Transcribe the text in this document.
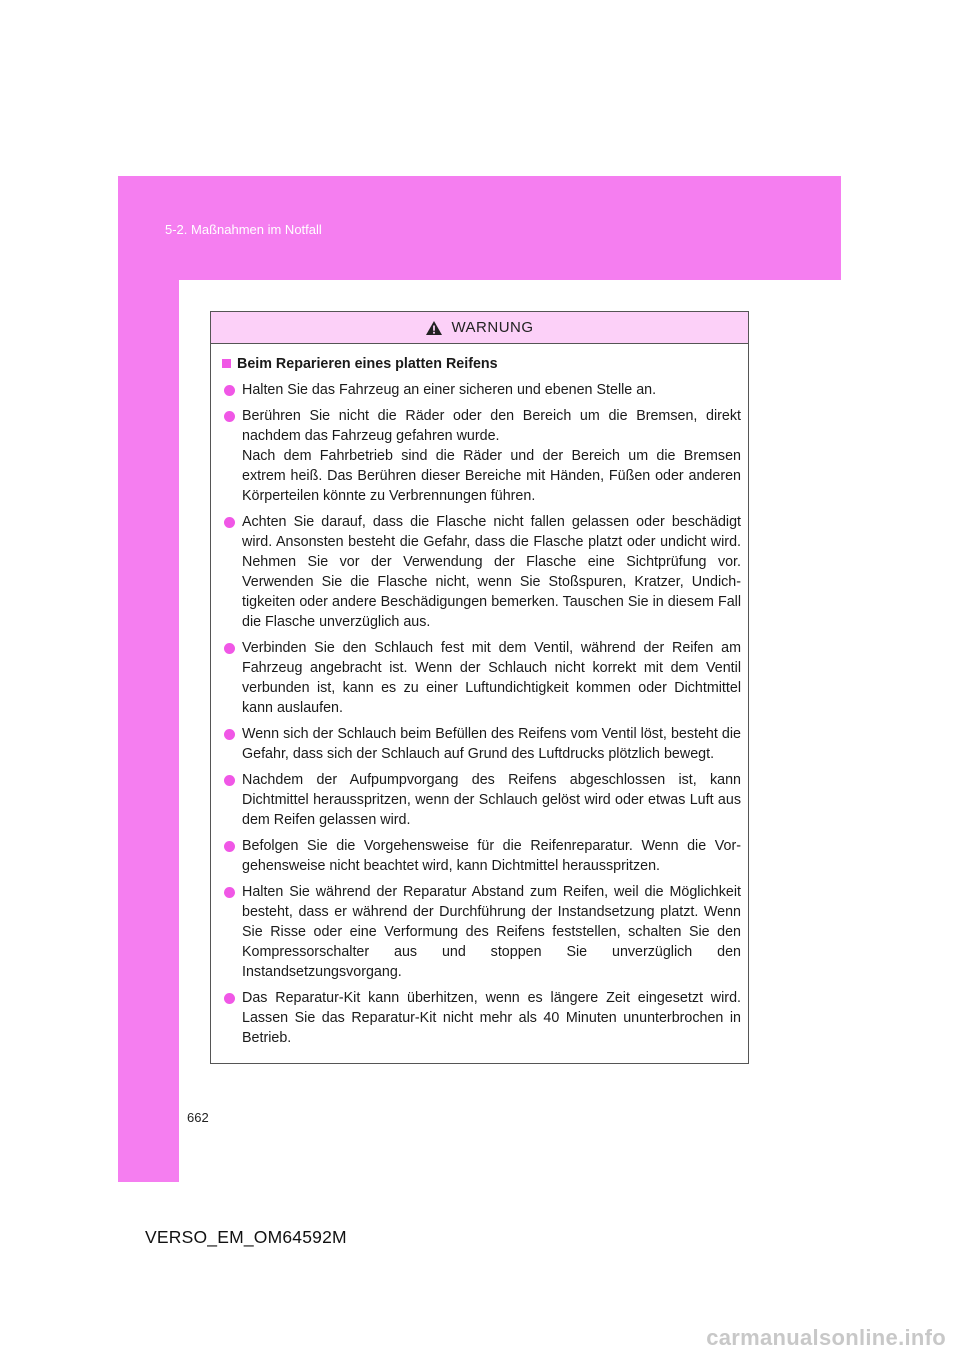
5-2. Maßnahmen im Notfall
WARNUNG
Beim Reparieren eines platten Reifens
Halten Sie das Fahrzeug an einer sicheren und ebenen Stelle an.
Berühren Sie nicht die Räder oder den Bereich um die Bremsen, direkt nachdem das Fahrzeug gefahren wurde.
Nach dem Fahrbetrieb sind die Räder und der Bereich um die Bremsen extrem heiß. Das Berühren dieser Bereiche mit Händen, Füßen oder anderen Körperteilen könnte zu Verbrennungen führen.
Achten Sie darauf, dass die Flasche nicht fallen gelassen oder beschädigt wird. Ansonsten besteht die Gefahr, dass die Flasche platzt oder undicht wird. Nehmen Sie vor der Verwendung der Flasche eine Sichtprüfung vor. Verwenden Sie die Flasche nicht, wenn Sie Stoßspuren, Kratzer, Undichtigkeiten oder andere Beschädigungen bemerken. Tauschen Sie in diesem Fall die Flasche unverzüglich aus.
Verbinden Sie den Schlauch fest mit dem Ventil, während der Reifen am Fahrzeug angebracht ist. Wenn der Schlauch nicht korrekt mit dem Ventil verbunden ist, kann es zu einer Luftundichtigkeit kommen oder Dichtmittel kann auslaufen.
Wenn sich der Schlauch beim Befüllen des Reifens vom Ventil löst, besteht die Gefahr, dass sich der Schlauch auf Grund des Luftdrucks plötzlich bewegt.
Nachdem der Aufpumpvorgang des Reifens abgeschlossen ist, kann Dichtmittel herausspritzen, wenn der Schlauch gelöst wird oder etwas Luft aus dem Reifen gelassen wird.
Befolgen Sie die Vorgehensweise für die Reifenreparatur. Wenn die Vorgehensweise nicht beachtet wird, kann Dichtmittel herausspritzen.
Halten Sie während der Reparatur Abstand zum Reifen, weil die Möglichkeit besteht, dass er während der Durchführung der Instandsetzung platzt. Wenn Sie Risse oder eine Verformung des Reifens feststellen, schalten Sie den Kompressorschalter aus und stoppen Sie unverzüglich den Instandsetzungsvorgang.
Das Reparatur-Kit kann überhitzen, wenn es längere Zeit eingesetzt wird. Lassen Sie das Reparatur-Kit nicht mehr als 40 Minuten ununterbrochen in Betrieb.
662
VERSO_EM_OM64592M
carmanualsonline.info
